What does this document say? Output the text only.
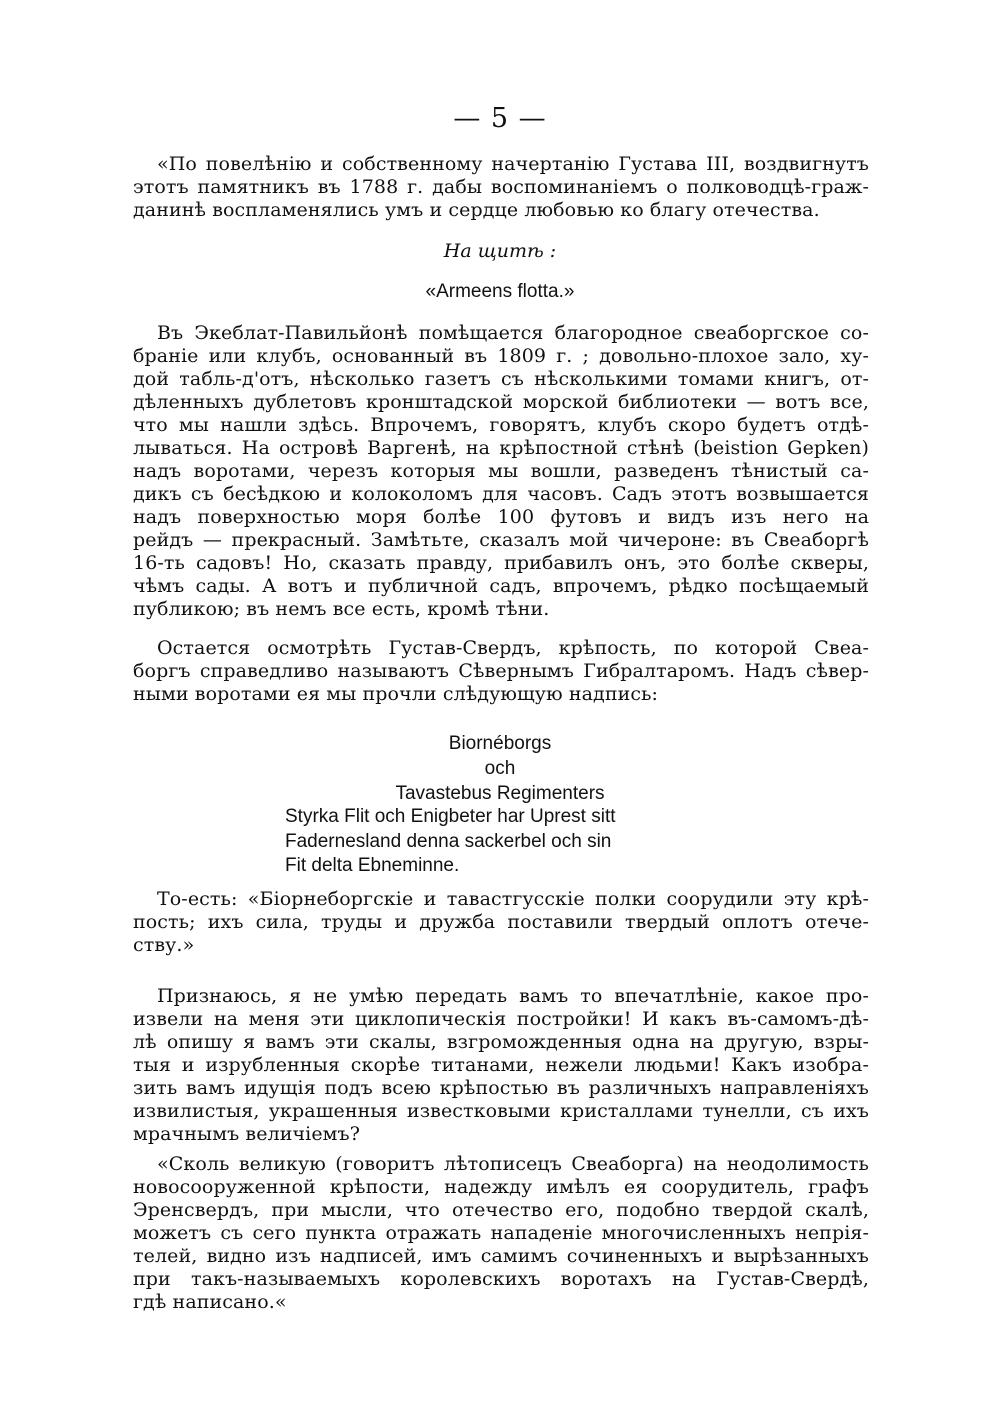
— 5 —
«По повелѣнію и собственному начертанію Густава III, воздвигнутъ
этотъ памятникъ въ 1788 г. дабы воспоминаніемъ о полководцѣ-граж-
данинѣ воспламенялись умъ и сердце любовью ко благу отечества.
На щитѣ :
«Armeens flotta.»
Въ Экеблат-Павильйонѣ помѣщается благородное свеаборгское со-
браніе или клубъ, основанный въ 1809 г. ; довольно-плохое зало, ху-
дой табль-д'отъ, нѣсколько газетъ съ нѣсколькими томами книгъ, от-
дѣленныхъ дублетовъ кронштадской морской библиотеки — вотъ все,
что мы нашли здѣсь. Впрочемъ, говорятъ, клубъ скоро будетъ отдѣ-
лываться. На островѣ Варгенѣ, на крѣпостной стѣнѣ (beistion Gepken)
надъ воротами, черезъ которыя мы вошли, разведенъ тѣнистый са-
дикъ съ бесѣдкою и колоколомъ для часовъ. Садъ этотъ возвышается
надъ поверхностью моря болѣе 100 футовъ и видъ изъ него на
рейдъ — прекрасный. Замѣтьте, сказалъ мой чичероне: въ Свеаборгѣ
16-ть садовъ! Но, сказать правду, прибавилъ онъ, это болѣе скверы,
чѣмъ сады. А вотъ и публичной садъ, впрочемъ, рѣдко посѣщаемый
публикою; въ немъ все есть, кромѣ тѣни.
Остается осмотрѣть Густав-Свердъ, крѣпость, по которой Свеа-
боргъ справедливо называютъ Сѣвернымъ Гибралтаромъ. Надъ сѣвер-
ными воротами ея мы прочли слѣдующую надпись:
Biornéborgs
och
Tavastebus Regimenters
Styrka Flit och Enigbeter har Uprest sitt
Fadernesland denna sackerbel och sin
Fit delta Ebneminne.
То-есть: «Біорнеборгскіе и таваcтгусскіе полки соорудили эту крѣ-
пость; ихъ сила, труды и дружба поставили твердый оплотъ отече-
ству.»
Признаюсь, я не умѣю передать вамъ то впечатлѣніе, какое про-
извели на меня эти циклопическія постройки! И какъ въ-самомъ-дѣ-
лѣ опишу я вамъ эти скалы, взгроможденныя одна на другую, взры-
тыя и изрубленныя скорѣе титанами, нежели людьми! Какъ изобра-
зить вамъ идущія подъ всею крѣпостью въ различныхъ направленіяхъ
извилистыя, украшенныя известковыми кристаллами тунелли, съ ихъ
мрачнымъ величіемъ?
«Сколь великую (говоритъ лѣтописецъ Свеаборга) на неодолимость
новосооруженной крѣпости, надежду имѣлъ ея соорудитель, графъ
Эренсвердъ, при мысли, что отечество его, подобно твердой скалѣ,
можетъ съ сего пункта отражать нападеніе многочисленныхъ непрія-
телей, видно изъ надписей, имъ самимъ сочиненныхъ и вырѣзанныхъ
при такъ-называемыхъ королевскихъ воротахъ на Густав-Свердѣ,
гдѣ написано.«
